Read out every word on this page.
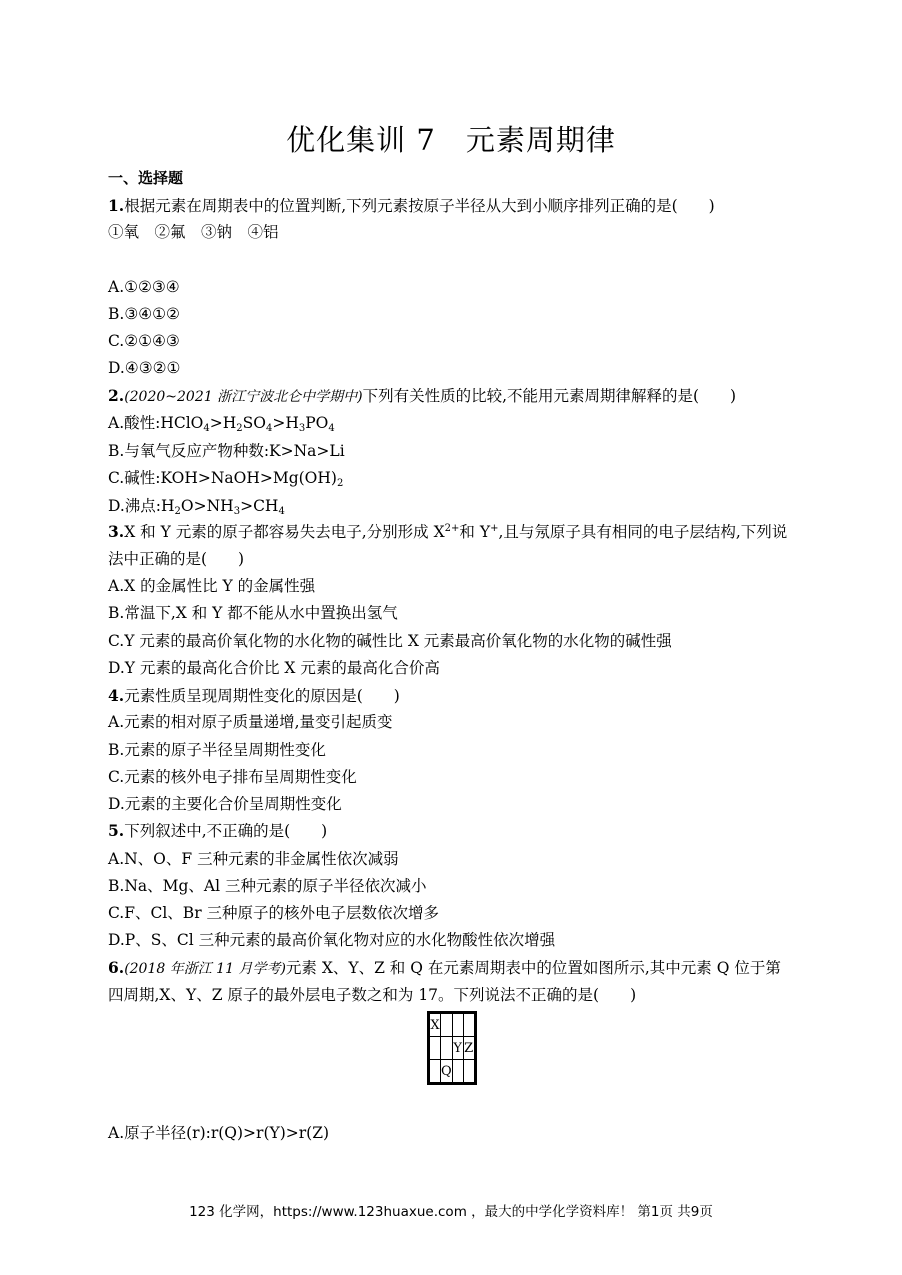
优化集训 7 元素周期律
一、选择题
1.根据元素在周期表中的位置判断,下列元素按原子半径从大到小顺序排列正确的是(　　)
①氧　②氟　③钠　④铝
A.①②③④
B.③④①②
C.②①④③
D.④③②①
2.(2020~2021 浙江宁波北仑中学期中)下列有关性质的比较,不能用元素周期律解释的是(　　)
A.酸性$:HClO_4>H_2SO_4>H_3PO_4$
B.与氧气反应产物种数:K>Na>Li
C.碱性$:KOH>NaOH>Mg(OH)_2$
D.沸点$:H_2O>NH_3>CH_4$
3.X 和 Y 元素的原子都容易失去电子,分别形成 $X^{2+}$和 Y+,且与氖原子具有相同的电子层结构,下列说
法中正确的是(　　)
A.X 的金属性比 Y 的金属性强
B.常温下,X 和 Y 都不能从水中置换出氢气
C.Y 元素的最高价氧化物的水化物的碱性比 X 元素最高价氧化物的水化物的碱性强
D.Y 元素的最高化合价比 X 元素的最高化合价高
4.元素性质呈现周期性变化的原因是(　　)
A.元素的相对原子质量递增,量变引起质变
B.元素的原子半径呈周期性变化
C.元素的核外电子排布呈周期性变化
D.元素的主要化合价呈周期性变化
5.下列叙述中,不正确的是(　　)
A.N、O、F 三种元素的非金属性依次减弱
B.Na、Mg、Al 三种元素的原子半径依次减小
C.F、Cl、Br 三种原子的核外电子层数依次增多
D.P、S、Cl 三种元素的最高价氧化物对应的水化物酸性依次增强
6.(2018 年浙江 11 月学考)元素 X、Y、Z 和 Q 在元素周期表中的位置如图所示,其中元素 Q 位于第
四周期,X、Y、Z 原子的最外层电子数之和为 17。下列说法不正确的是(　　)
X			
		Y	Z
	Q		
A.原子半径(r):r(Q)>r(Y)>r(Z)
123 化学网，https://www.123huaxue.com ，最大的中学化学资料库！ 第1页 共9页
